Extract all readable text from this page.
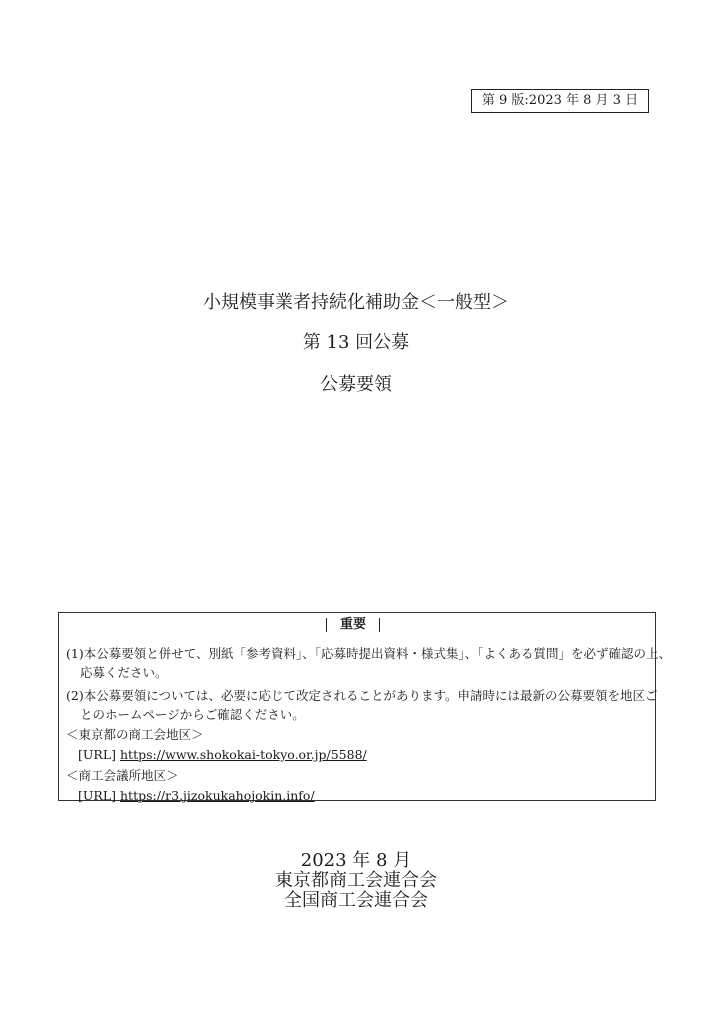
第 9 版:2023 年 8 月 3 日
小規模事業者持続化補助金＜一般型＞
第 13 回公募
公募要領
重要
(1)本公募要領と併せて、別紙「参考資料」、「応募時提出資料・様式集」、「よくある質問」を必ず確認の上、
応募ください。
(2)本公募要領については、必要に応じて改定されることがあります。申請時には最新の公募要領を地区ご
とのホームページからご確認ください。
＜東京都の商工会地区＞
[URL] https://www.shokokai-tokyo.or.jp/5588/
＜商工会議所地区＞
[URL] https://r3.jizokukahojokin.info/
2023 年 8 月
東京都商工会連合会
全国商工会連合会
